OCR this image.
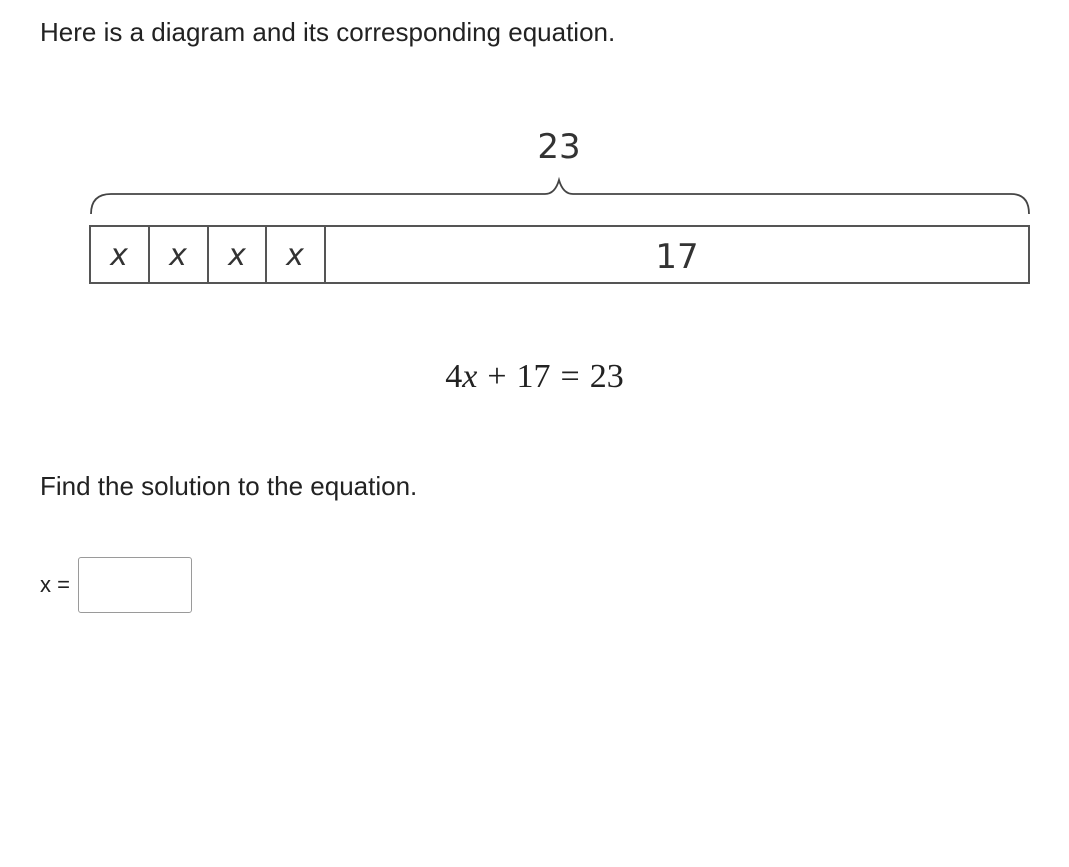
Here is a diagram and its corresponding equation.
23
x x x x	17
4x + 17 = 23
Find the solution to the equation.
x =
